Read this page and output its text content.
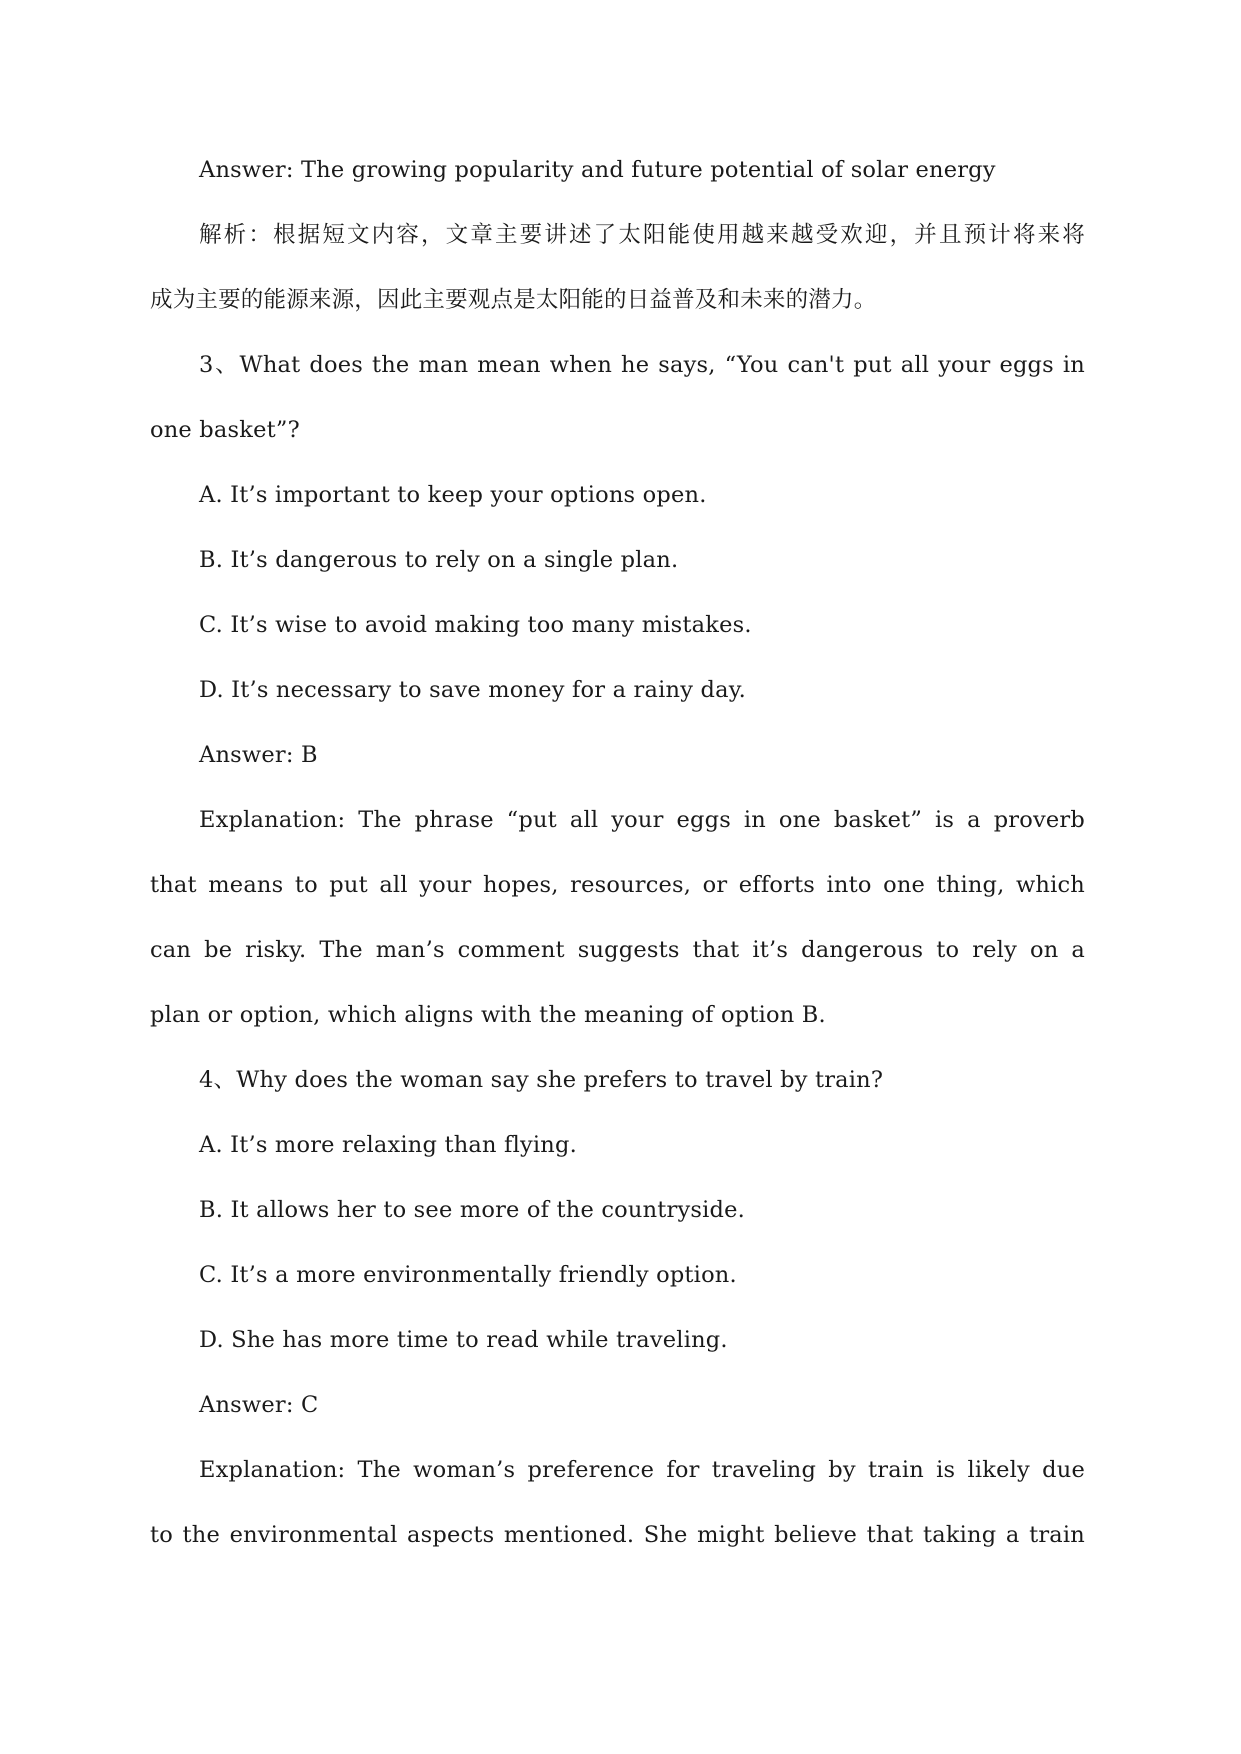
Answer: The growing popularity and future potential of solar energy
解析：根据短文内容，文章主要讲述了太阳能使用越来越受欢迎，并且预计将来将
成为主要的能源来源，因此主要观点是太阳能的日益普及和未来的潜力。
3、What does the man mean when he says, “You can't put all your eggs in
one basket”?
A. It’s important to keep your options open.
B. It’s dangerous to rely on a single plan.
C. It’s wise to avoid making too many mistakes.
D. It’s necessary to save money for a rainy day.
Answer: B
Explanation: The phrase “put all your eggs in one basket” is a proverb
that means to put all your hopes, resources, or efforts into one thing, which
can be risky. The man’s comment suggests that it’s dangerous to rely on a
plan or option, which aligns with the meaning of option B.
4、Why does the woman say she prefers to travel by train?
A. It’s more relaxing than flying.
B. It allows her to see more of the countryside.
C. It’s a more environmentally friendly option.
D. She has more time to read while traveling.
Answer: C
Explanation: The woman’s preference for traveling by train is likely due
to the environmental aspects mentioned. She might believe that taking a train
